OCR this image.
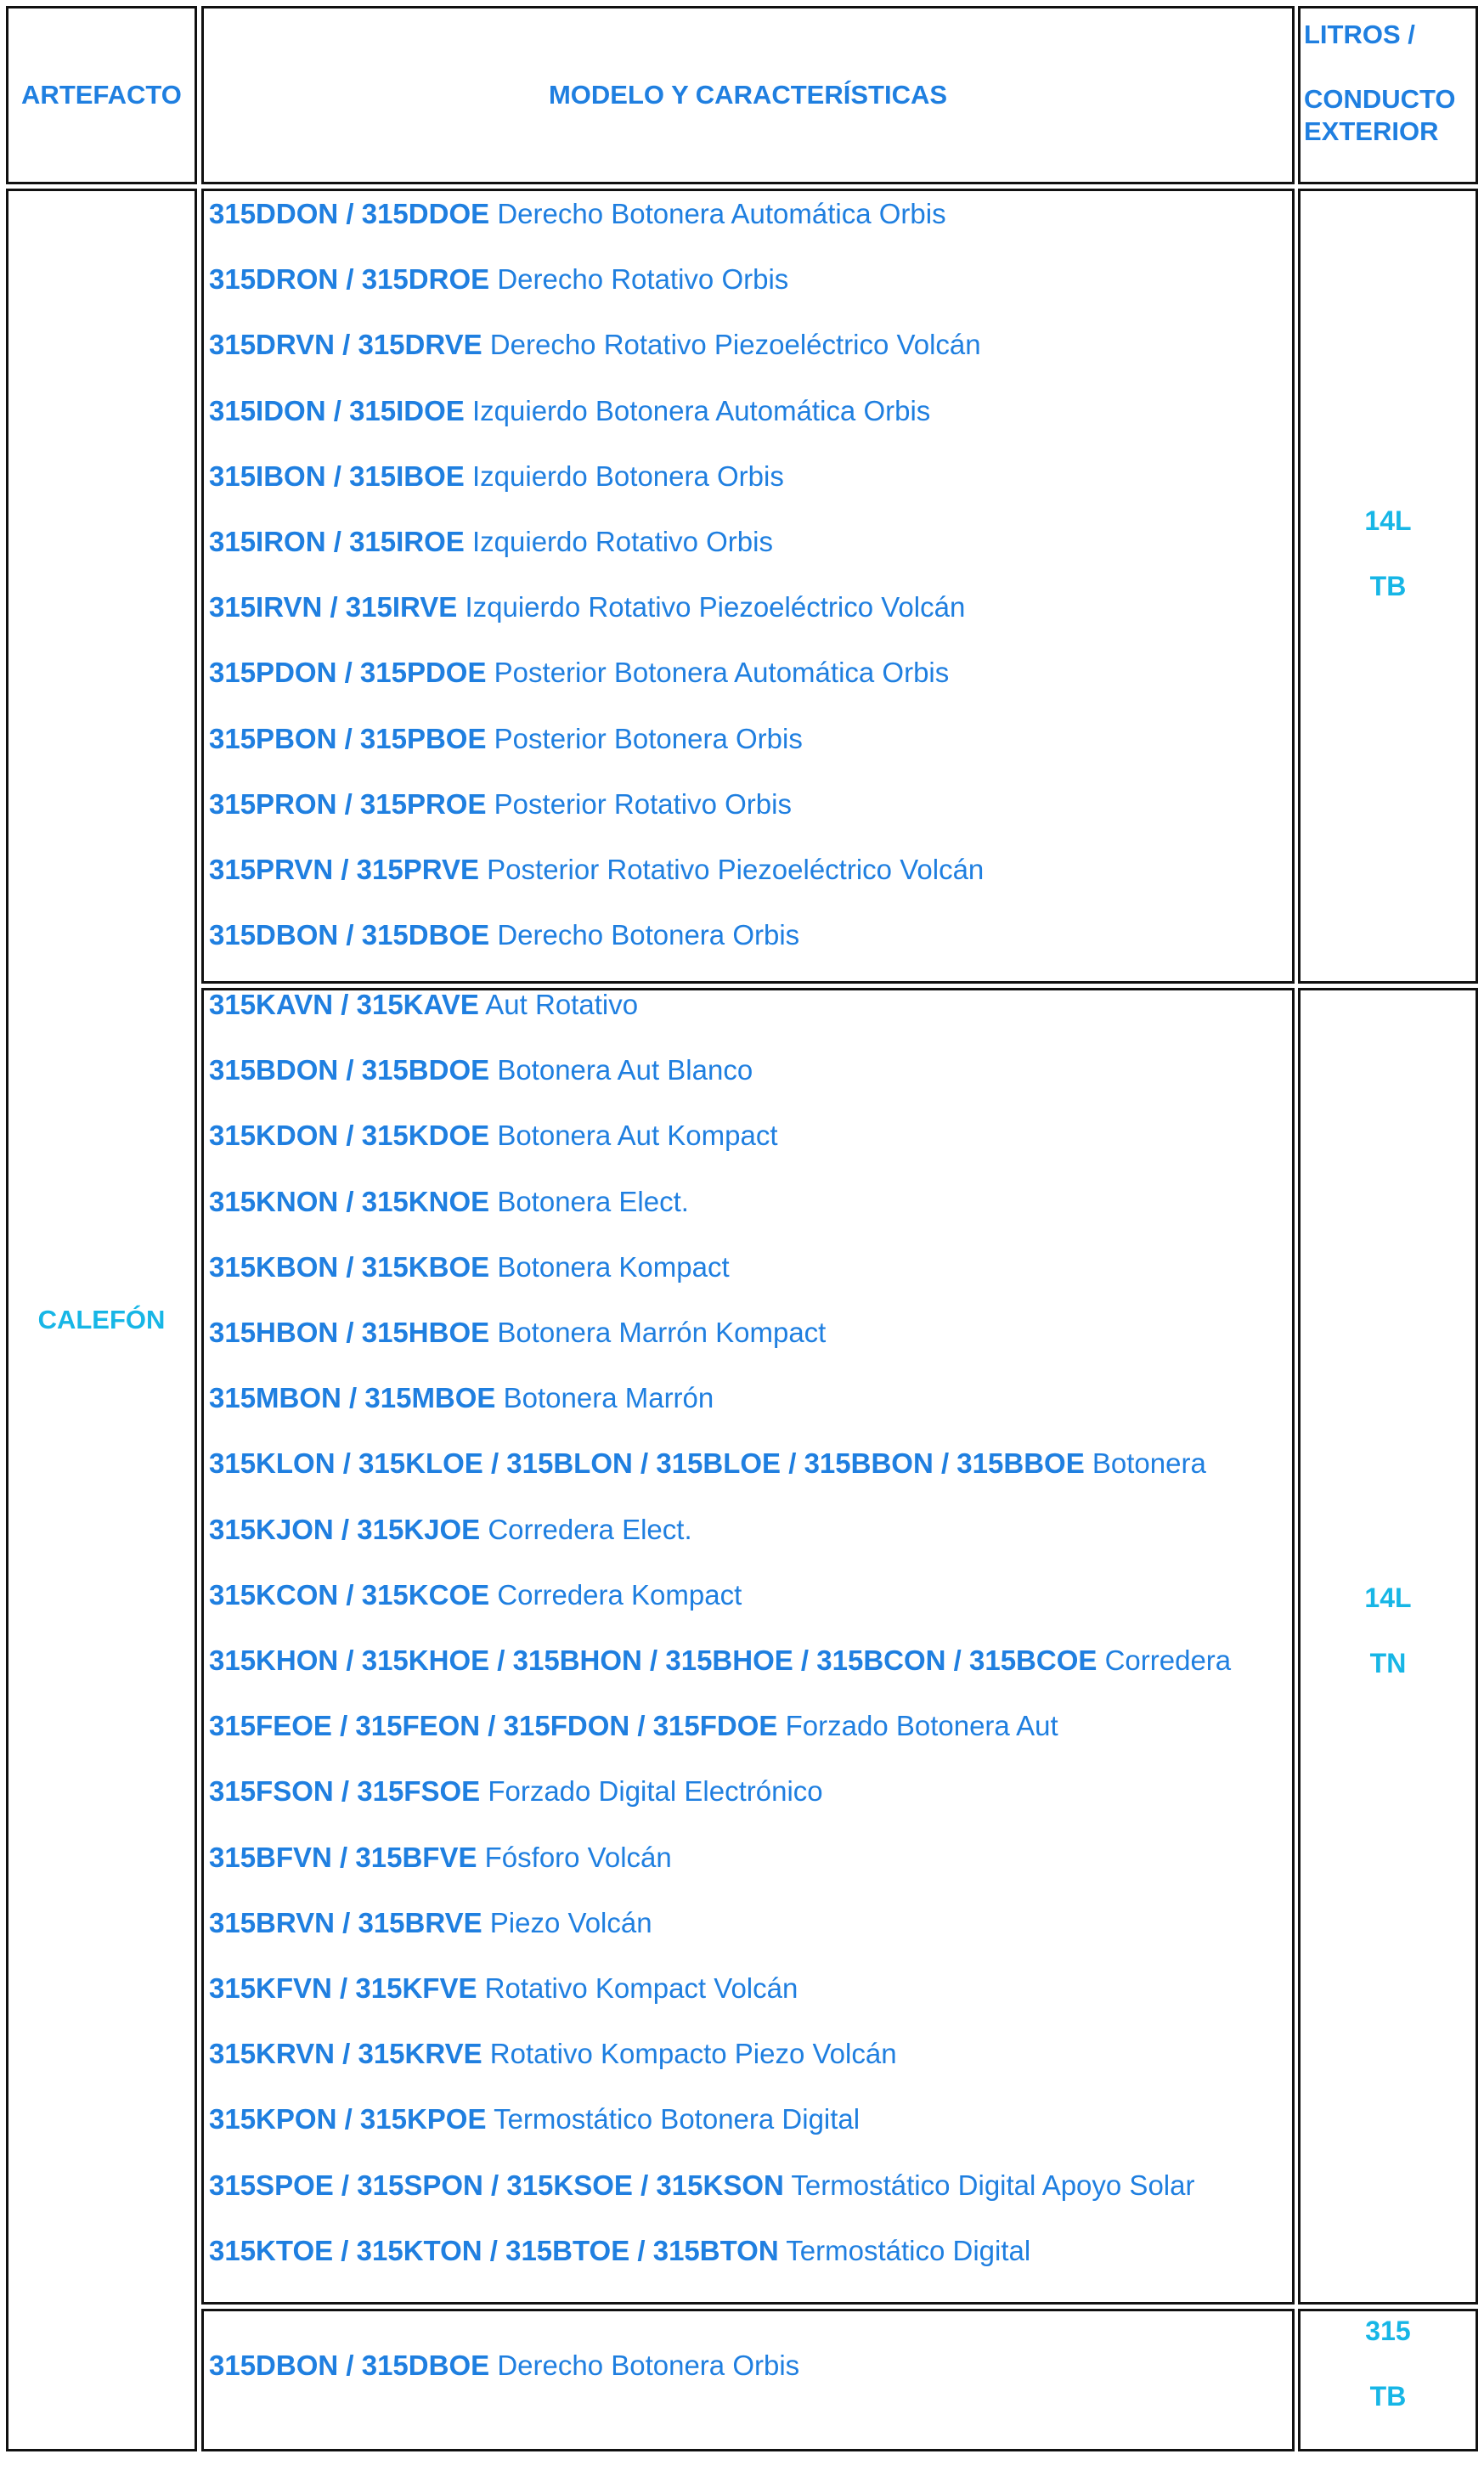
ARTEFACTO	MODELO Y CARACTERÍSTICAS
LITROS /
CONDUCTO
EXTERIOR
CALEFÓN
315DDON / 315DDOE Derecho Botonera Automática Orbis
315DRON / 315DROE Derecho Rotativo Orbis
315DRVN / 315DRVE Derecho Rotativo Piezoeléctrico Volcán
315IDON / 315IDOE Izquierdo Botonera Automática Orbis
315IBON / 315IBOE Izquierdo Botonera Orbis
315IRON / 315IROE Izquierdo Rotativo Orbis
315IRVN / 315IRVE Izquierdo Rotativo Piezoeléctrico Volcán
315PDON / 315PDOE Posterior Botonera Automática Orbis
315PBON / 315PBOE Posterior Botonera Orbis
315PRON / 315PROE Posterior Rotativo Orbis
315PRVN / 315PRVE Posterior Rotativo Piezoeléctrico Volcán
315DBON / 315DBOE Derecho Botonera Orbis
14L
TB
315KAVN / 315KAVE Aut Rotativo
315BDON / 315BDOE Botonera Aut Blanco
315KDON / 315KDOE Botonera Aut Kompact
315KNON / 315KNOE Botonera Elect.
315KBON / 315KBOE Botonera Kompact
315HBON / 315HBOE Botonera Marrón Kompact
315MBON / 315MBOE Botonera Marrón
315KLON / 315KLOE / 315BLON / 315BLOE / 315BBON / 315BBOE Botonera
315KJON / 315KJOE Corredera Elect.
315KCON / 315KCOE Corredera Kompact
315KHON / 315KHOE / 315BHON / 315BHOE / 315BCON / 315BCOE Corredera
315FEOE / 315FEON / 315FDON / 315FDOE Forzado Botonera Aut
315FSON / 315FSOE Forzado Digital Electrónico
315BFVN / 315BFVE Fósforo Volcán
315BRVN / 315BRVE Piezo Volcán
315KFVN / 315KFVE Rotativo Kompact Volcán
315KRVN / 315KRVE Rotativo Kompacto Piezo Volcán
315KPON / 315KPOE Termostático Botonera Digital
315SPOE / 315SPON / 315KSOE / 315KSON Termostático Digital Apoyo Solar
315KTOE / 315KTON / 315BTOE / 315BTON Termostático Digital
14L
TN
315DBON / 315DBOE Derecho Botonera Orbis
315
TB
